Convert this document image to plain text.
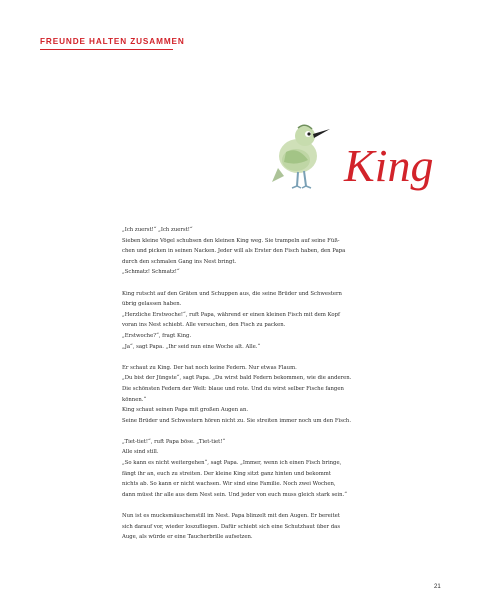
FREUNDE HALTEN ZUSAMMEN
King

„Ich zuerst!“ „Ich zuerst!“
Sieben kleine Vögel schubsen den kleinen King weg. Sie trampeln auf seine Füß-
chen und picken in seinen Nacken. Jeder will als Erster den Fisch haben, den Papa
durch den schmalen Gang ins Nest bringt.
„Schmatz! Schmatz!“

King rutscht auf den Gräten und Schuppen aus, die seine Brüder und Schwestern
übrig gelassen haben.
„Herzliche Erstwoche!“, ruft Papa, während er einen kleinen Fisch mit dem Kopf
voran ins Nest schiebt. Alle versuchen, den Fisch zu packen.
„Erstwoche?“, fragt King.
„Ja“, sagt Papa. „Ihr seid nun eine Woche alt. Alle.“

Er schaut zu King. Der hat noch keine Federn. Nur etwas Flaum.
„Du bist der Jüngste“, sagt Papa. „Du wirst bald Federn bekommen, wie die anderen.
Die schönsten Federn der Welt: blaue und rote. Und du wirst selber Fische fangen
können.“
King schaut seinen Papa mit großen Augen an.
Seine Brüder und Schwestern hören nicht zu. Sie streiten immer noch um den Fisch.

„Tiet-tiet!“, ruft Papa böse. „Tiet-tiet!“
Alle sind still.
„So kann es nicht weitergehen“, sagt Papa. „Immer, wenn ich einen Fisch bringe,
fängt ihr an, euch zu streiten. Der kleine King sitzt ganz hinten und bekommt
nichts ab. So kann er nicht wachsen. Wir sind eine Familie. Noch zwei Wochen,
dann müsst ihr alle aus dem Nest sein. Und jeder von euch muss gleich stark sein.“

Nun ist es mucksmäuschenstill im Nest. Papa blinzelt mit den Augen. Er bereitet
sich darauf vor, wieder loszufliegen. Dafür schiebt sich eine Schutzhaut über das
Auge, als würde er eine Taucherbrille aufsetzen.

21
